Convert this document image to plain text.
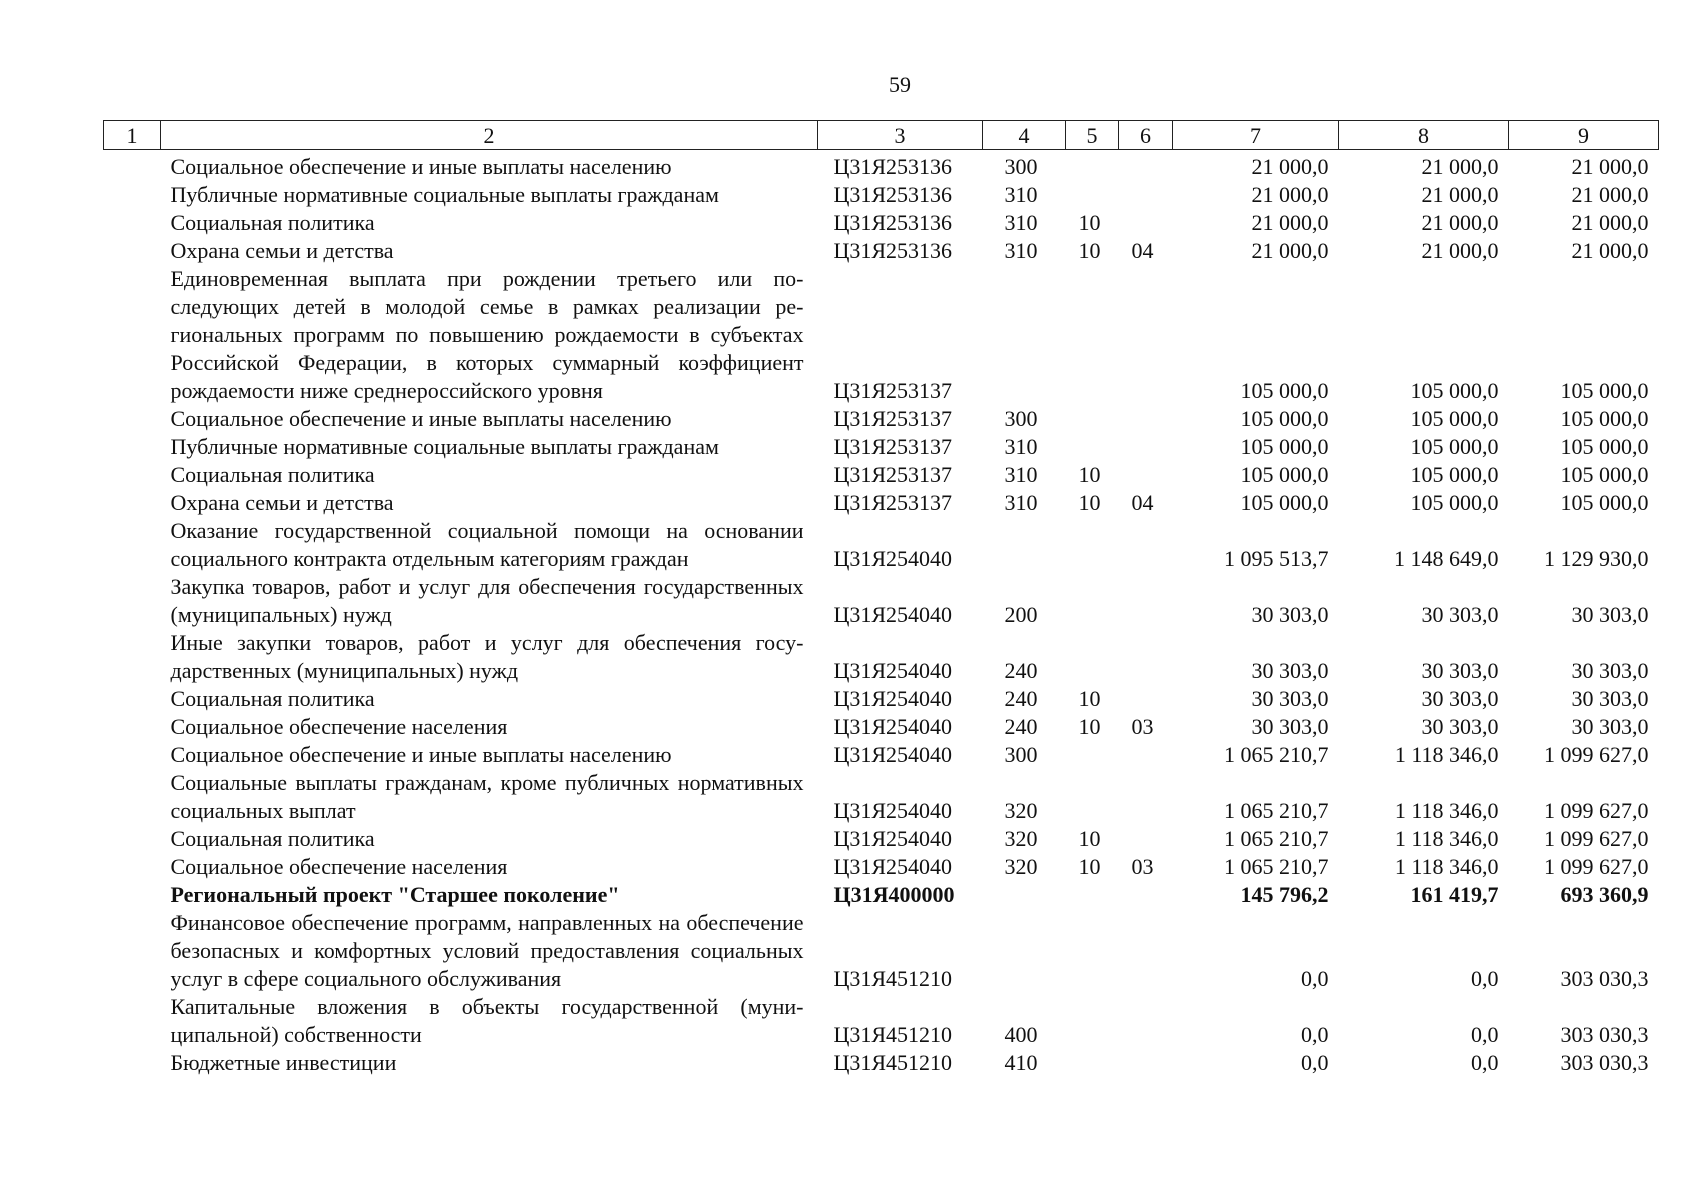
59
1	2	3	4	5	6	7	8	9
	Социальное обеспечение и иные выплаты населению	Ц31Я253136	300			21 000,0	21 000,0	21 000,0
	Публичные нормативные социальные выплаты гражданам	Ц31Я253136	310			21 000,0	21 000,0	21 000,0
	Социальная политика	Ц31Я253136	310	10		21 000,0	21 000,0	21 000,0
	Охрана семьи и детства	Ц31Я253136	310	10	04	21 000,0	21 000,0	21 000,0
	Единовременная выплата при рождении третьего или последующих детей в молодой семье в рамках реализации региональных программ по повышению рождаемости в субъектах Российской Федерации, в которых суммарный коэффициент рождаемости ниже среднероссийского уровня	Ц31Я253137				105 000,0	105 000,0	105 000,0
	Социальное обеспечение и иные выплаты населению	Ц31Я253137	300			105 000,0	105 000,0	105 000,0
	Публичные нормативные социальные выплаты гражданам	Ц31Я253137	310			105 000,0	105 000,0	105 000,0
	Социальная политика	Ц31Я253137	310	10		105 000,0	105 000,0	105 000,0
	Охрана семьи и детства	Ц31Я253137	310	10	04	105 000,0	105 000,0	105 000,0
	Оказание государственной социальной помощи на основании социального контракта отдельным категориям граждан	Ц31Я254040				1 095 513,7	1 148 649,0	1 129 930,0
	Закупка товаров, работ и услуг для обеспечения государственных (муниципальных) нужд	Ц31Я254040	200			30 303,0	30 303,0	30 303,0
	Иные закупки товаров, работ и услуг для обеспечения государственных (муниципальных) нужд	Ц31Я254040	240			30 303,0	30 303,0	30 303,0
	Социальная политика	Ц31Я254040	240	10		30 303,0	30 303,0	30 303,0
	Социальное обеспечение населения	Ц31Я254040	240	10	03	30 303,0	30 303,0	30 303,0
	Социальное обеспечение и иные выплаты населению	Ц31Я254040	300			1 065 210,7	1 118 346,0	1 099 627,0
	Социальные выплаты гражданам, кроме публичных нормативных социальных выплат	Ц31Я254040	320			1 065 210,7	1 118 346,0	1 099 627,0
	Социальная политика	Ц31Я254040	320	10		1 065 210,7	1 118 346,0	1 099 627,0
	Социальное обеспечение населения	Ц31Я254040	320	10	03	1 065 210,7	1 118 346,0	1 099 627,0
	Региональный проект "Старшее поколение"	Ц31Я400000				145 796,2	161 419,7	693 360,9
	Финансовое обеспечение программ, направленных на обеспечение безопасных и комфортных условий предоставления социальных услуг в сфере социального обслуживания	Ц31Я451210				0,0	0,0	303 030,3
	Капитальные вложения в объекты государственной (муниципальной) собственности	Ц31Я451210	400			0,0	0,0	303 030,3
	Бюджетные инвестиции	Ц31Я451210	410			0,0	0,0	303 030,3
